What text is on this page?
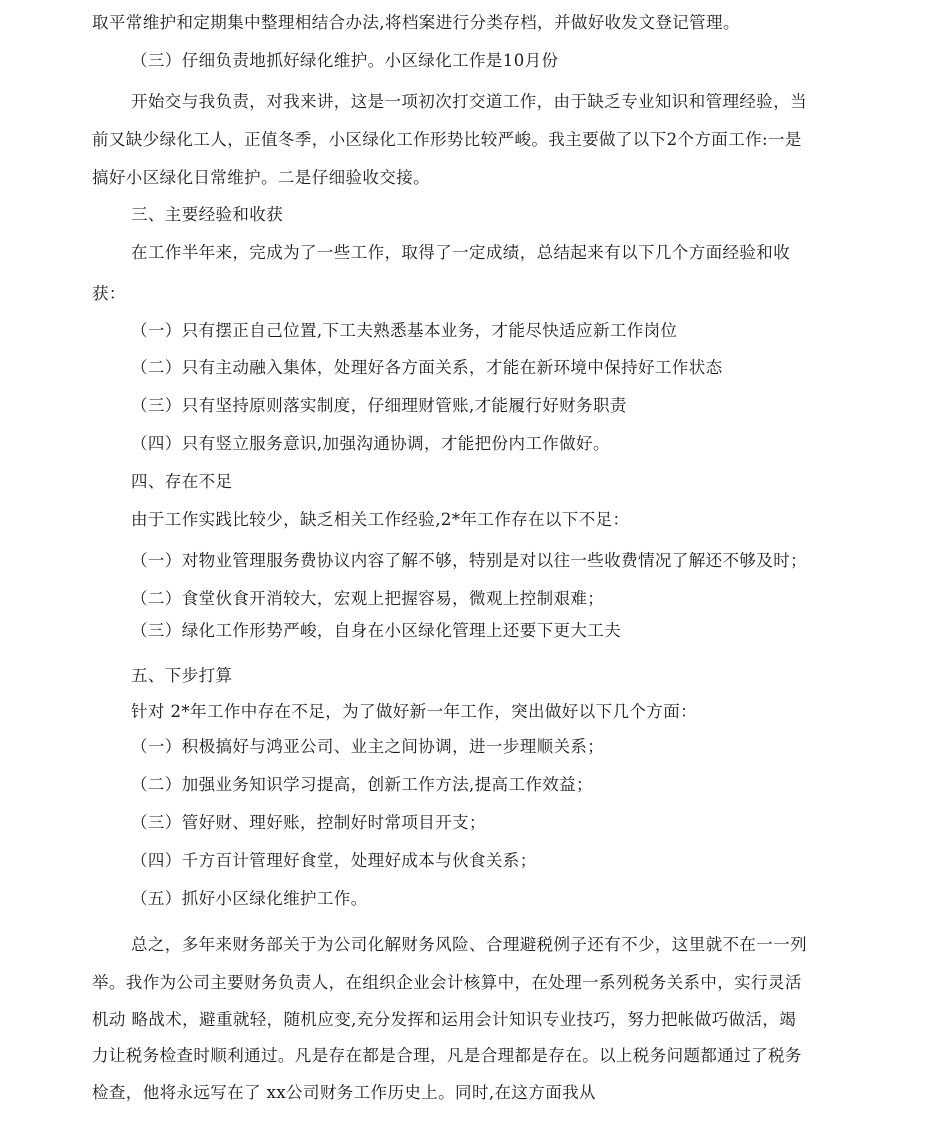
取平常维护和定期集中整理相结合办法,将档案进行分类存档，并做好收发文登记管理。
（三）仔细负责地抓好绿化维护。小区绿化工作是10月份
开始交与我负责，对我来讲，这是一项初次打交道工作，由于缺乏专业知识和管理经验，当
前又缺少绿化工人，正值冬季，小区绿化工作形势比较严峻。我主要做了以下2个方面工作:一是
搞好小区绿化日常维护。二是仔细验收交接。
三、主要经验和收获
在工作半年来，完成为了一些工作，取得了一定成绩，总结起来有以下几个方面经验和收
获：
（一）只有摆正自己位置,下工夫熟悉基本业务，才能尽快适应新工作岗位
（二）只有主动融入集体，处理好各方面关系，才能在新环境中保持好工作状态
（三）只有坚持原则落实制度，仔细理财管账,才能履行好财务职责
（四）只有竖立服务意识,加强沟通协调，才能把份内工作做好。
四、存在不足
由于工作实践比较少，缺乏相关工作经验,2*年工作存在以下不足：
（一）对物业管理服务费协议内容了解不够，特别是对以往一些收费情况了解还不够及时；
（二）食堂伙食开消较大，宏观上把握容易，微观上控制艰难；
（三）绿化工作形势严峻，自身在小区绿化管理上还要下更大工夫
五、下步打算
针对 2*年工作中存在不足，为了做好新一年工作，突出做好以下几个方面：
（一）积极搞好与鸿亚公司、业主之间协调，进一步理顺关系；
（二）加强业务知识学习提高，创新工作方法,提高工作效益；
（三）管好财、理好账，控制好时常项目开支；
（四）千方百计管理好食堂，处理好成本与伙食关系；
（五）抓好小区绿化维护工作。
总之，多年来财务部关于为公司化解财务风险、合理避税例子还有不少，这里就不在一一列
举。我作为公司主要财务负责人，在组织企业会计核算中，在处理一系列税务关系中，实行灵活
机动 略战术，避重就轻，随机应变,充分发挥和运用会计知识专业技巧，努力把帐做巧做活，竭
力让税务检查时顺利通过。凡是存在都是合理，凡是合理都是存在。以上税务问题都通过了税务
检查，他将永远写在了 xx公司财务工作历史上。同时,在这方面我从
